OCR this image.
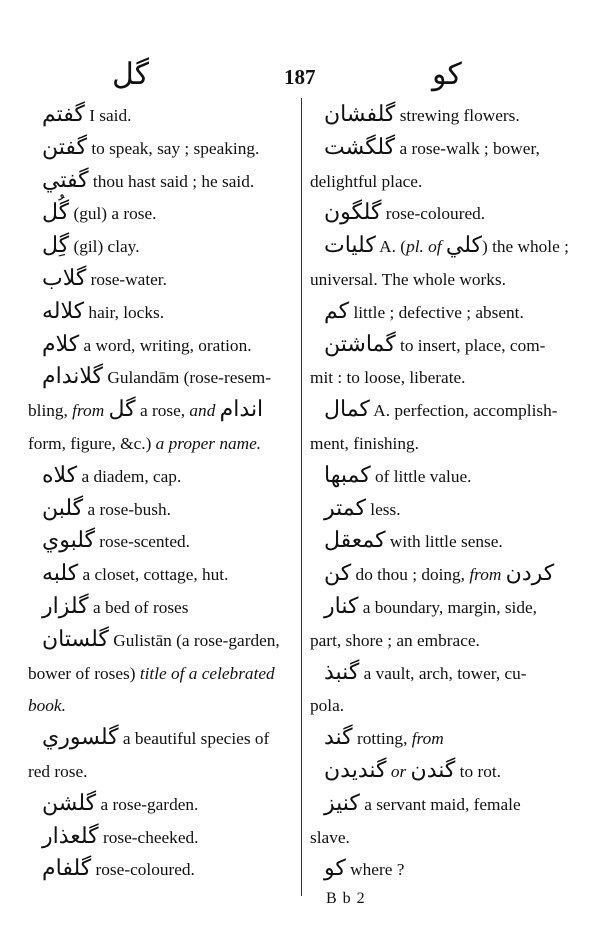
گل	187	کو
گفتم I said.
گفتن to speak, say ; speaking.
گفتي thou hast said ; he said.
گُل (gul) a rose.
گِل (gil) clay.
گلاب rose-water.
کلاله hair, locks.
کلام a word, writing, oration.
گلاندام Gulandām (rose-resem-
bling, from گل a rose, and اندام
form, figure, &c.) a proper name.
کلاه a diadem, cap.
گلبن a rose-bush.
گلبوي rose-scented.
کلبه a closet, cottage, hut.
گلزار a bed of roses
گلستان Gulistān (a rose-garden,
bower of roses) title of a celebrated
book.
گلسوري a beautiful species of
red rose.
گلشن a rose-garden.
گلعذار rose-cheeked.
گلفام rose-coloured.
گلفشان strewing flowers.
گلگشت a rose-walk ; bower,
delightful place.
گلگون rose-coloured.
کليات A. (pl. of کلي) the whole ;
universal. The whole works.
کم little ; defective ; absent.
گماشتن to insert, place, com-
mit : to loose, liberate.
کمال A. perfection, accomplish-
ment, finishing.
کمبها of little value.
کمتر less.
کمعقل with little sense.
کن do thou ; doing, from کردن
کنار a boundary, margin, side,
part, shore ; an embrace.
گنبذ a vault, arch, tower, cu-
pola.
گند rotting, from
گنديدن or گندن to rot.
کنيز a servant maid, female
slave.
کو where ?
B b 2
